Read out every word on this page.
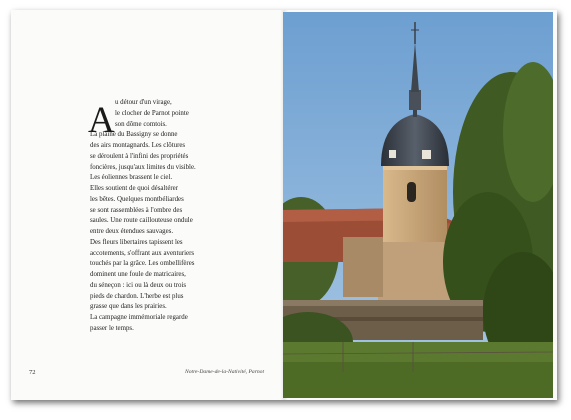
A u détour d'un virage,
le clocher de Parnot pointe
son dôme comtois.
La plaine du Bassigny se donne
des airs montagnards. Les clôtures
se déroulent à l'infini des propriétés
foncières, jusqu'aux limites du visible.
Les éoliennes brassent le ciel.
Elles soutient de quoi désaltérer
les bêtes. Quelques montbéliardes
se sont rassemblées à l'ombre des
saules. Une route caillouteuse ondule
entre deux étendues sauvages.
Des fleurs libertaires tapissent les
accotements, s'offrant aux aventuriers
touchés par la grâce. Les ombellifères
dominent une foule de matricaires,
du séneçon : ici ou là deux ou trois
pieds de chardon. L'herbe est plus
grasse que dans les prairies.
La campagne immémoriale regarde
passer le temps.
72	Notre-Dame-de-la-Nativité, Parnot
